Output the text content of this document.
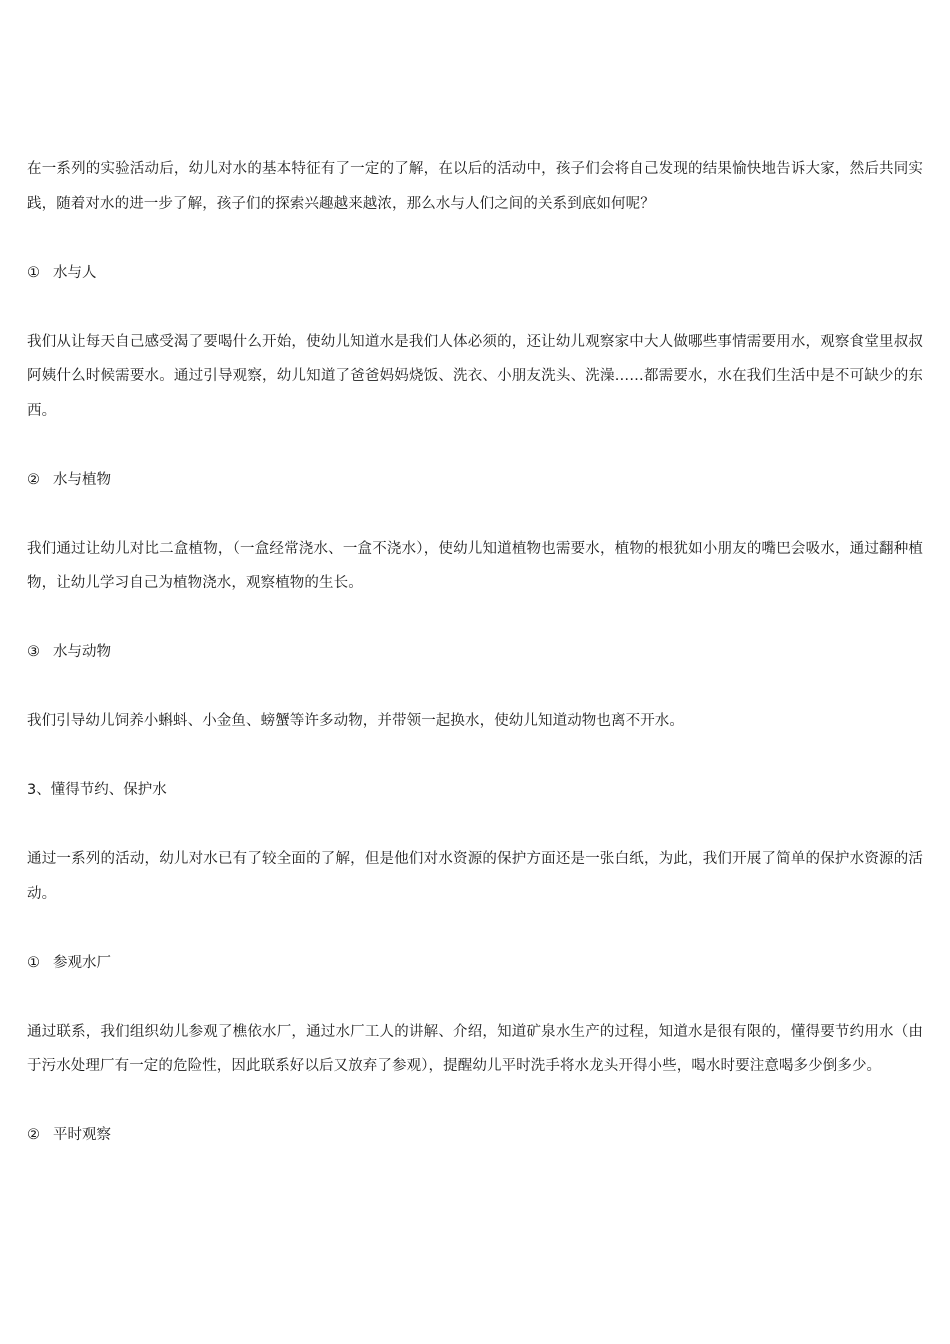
在一系列的实验活动后，幼儿对水的基本特征有了一定的了解，在以后的活动中，孩子们会将自己发现的结果愉快地告诉大家，然后共同实践，随着对水的进一步了解，孩子们的探索兴趣越来越浓，那么水与人们之间的关系到底如何呢？

① 水与人

我们从让每天自己感受渴了要喝什么开始，使幼儿知道水是我们人体必须的，还让幼儿观察家中大人做哪些事情需要用水，观察食堂里叔叔阿姨什么时候需要水。通过引导观察，幼儿知道了爸爸妈妈烧饭、洗衣、小朋友洗头、洗澡……都需要水，水在我们生活中是不可缺少的东西。

② 水与植物

我们通过让幼儿对比二盒植物，（一盒经常浇水、一盒不浇水），使幼儿知道植物也需要水，植物的根犹如小朋友的嘴巴会吸水，通过翻种植物，让幼儿学习自己为植物浇水，观察植物的生长。

③ 水与动物

我们引导幼儿饲养小蝌蚪、小金鱼、螃蟹等许多动物，并带领一起换水，使幼儿知道动物也离不开水。

3、懂得节约、保护水

通过一系列的活动，幼儿对水已有了较全面的了解，但是他们对水资源的保护方面还是一张白纸，为此，我们开展了简单的保护水资源的活动。

① 参观水厂

通过联系，我们组织幼儿参观了樵依水厂，通过水厂工人的讲解、介绍，知道矿泉水生产的过程，知道水是很有限的，懂得要节约用水（由于污水处理厂有一定的危险性，因此联系好以后又放弃了参观），提醒幼儿平时洗手将水龙头开得小些，喝水时要注意喝多少倒多少。

② 平时观察
